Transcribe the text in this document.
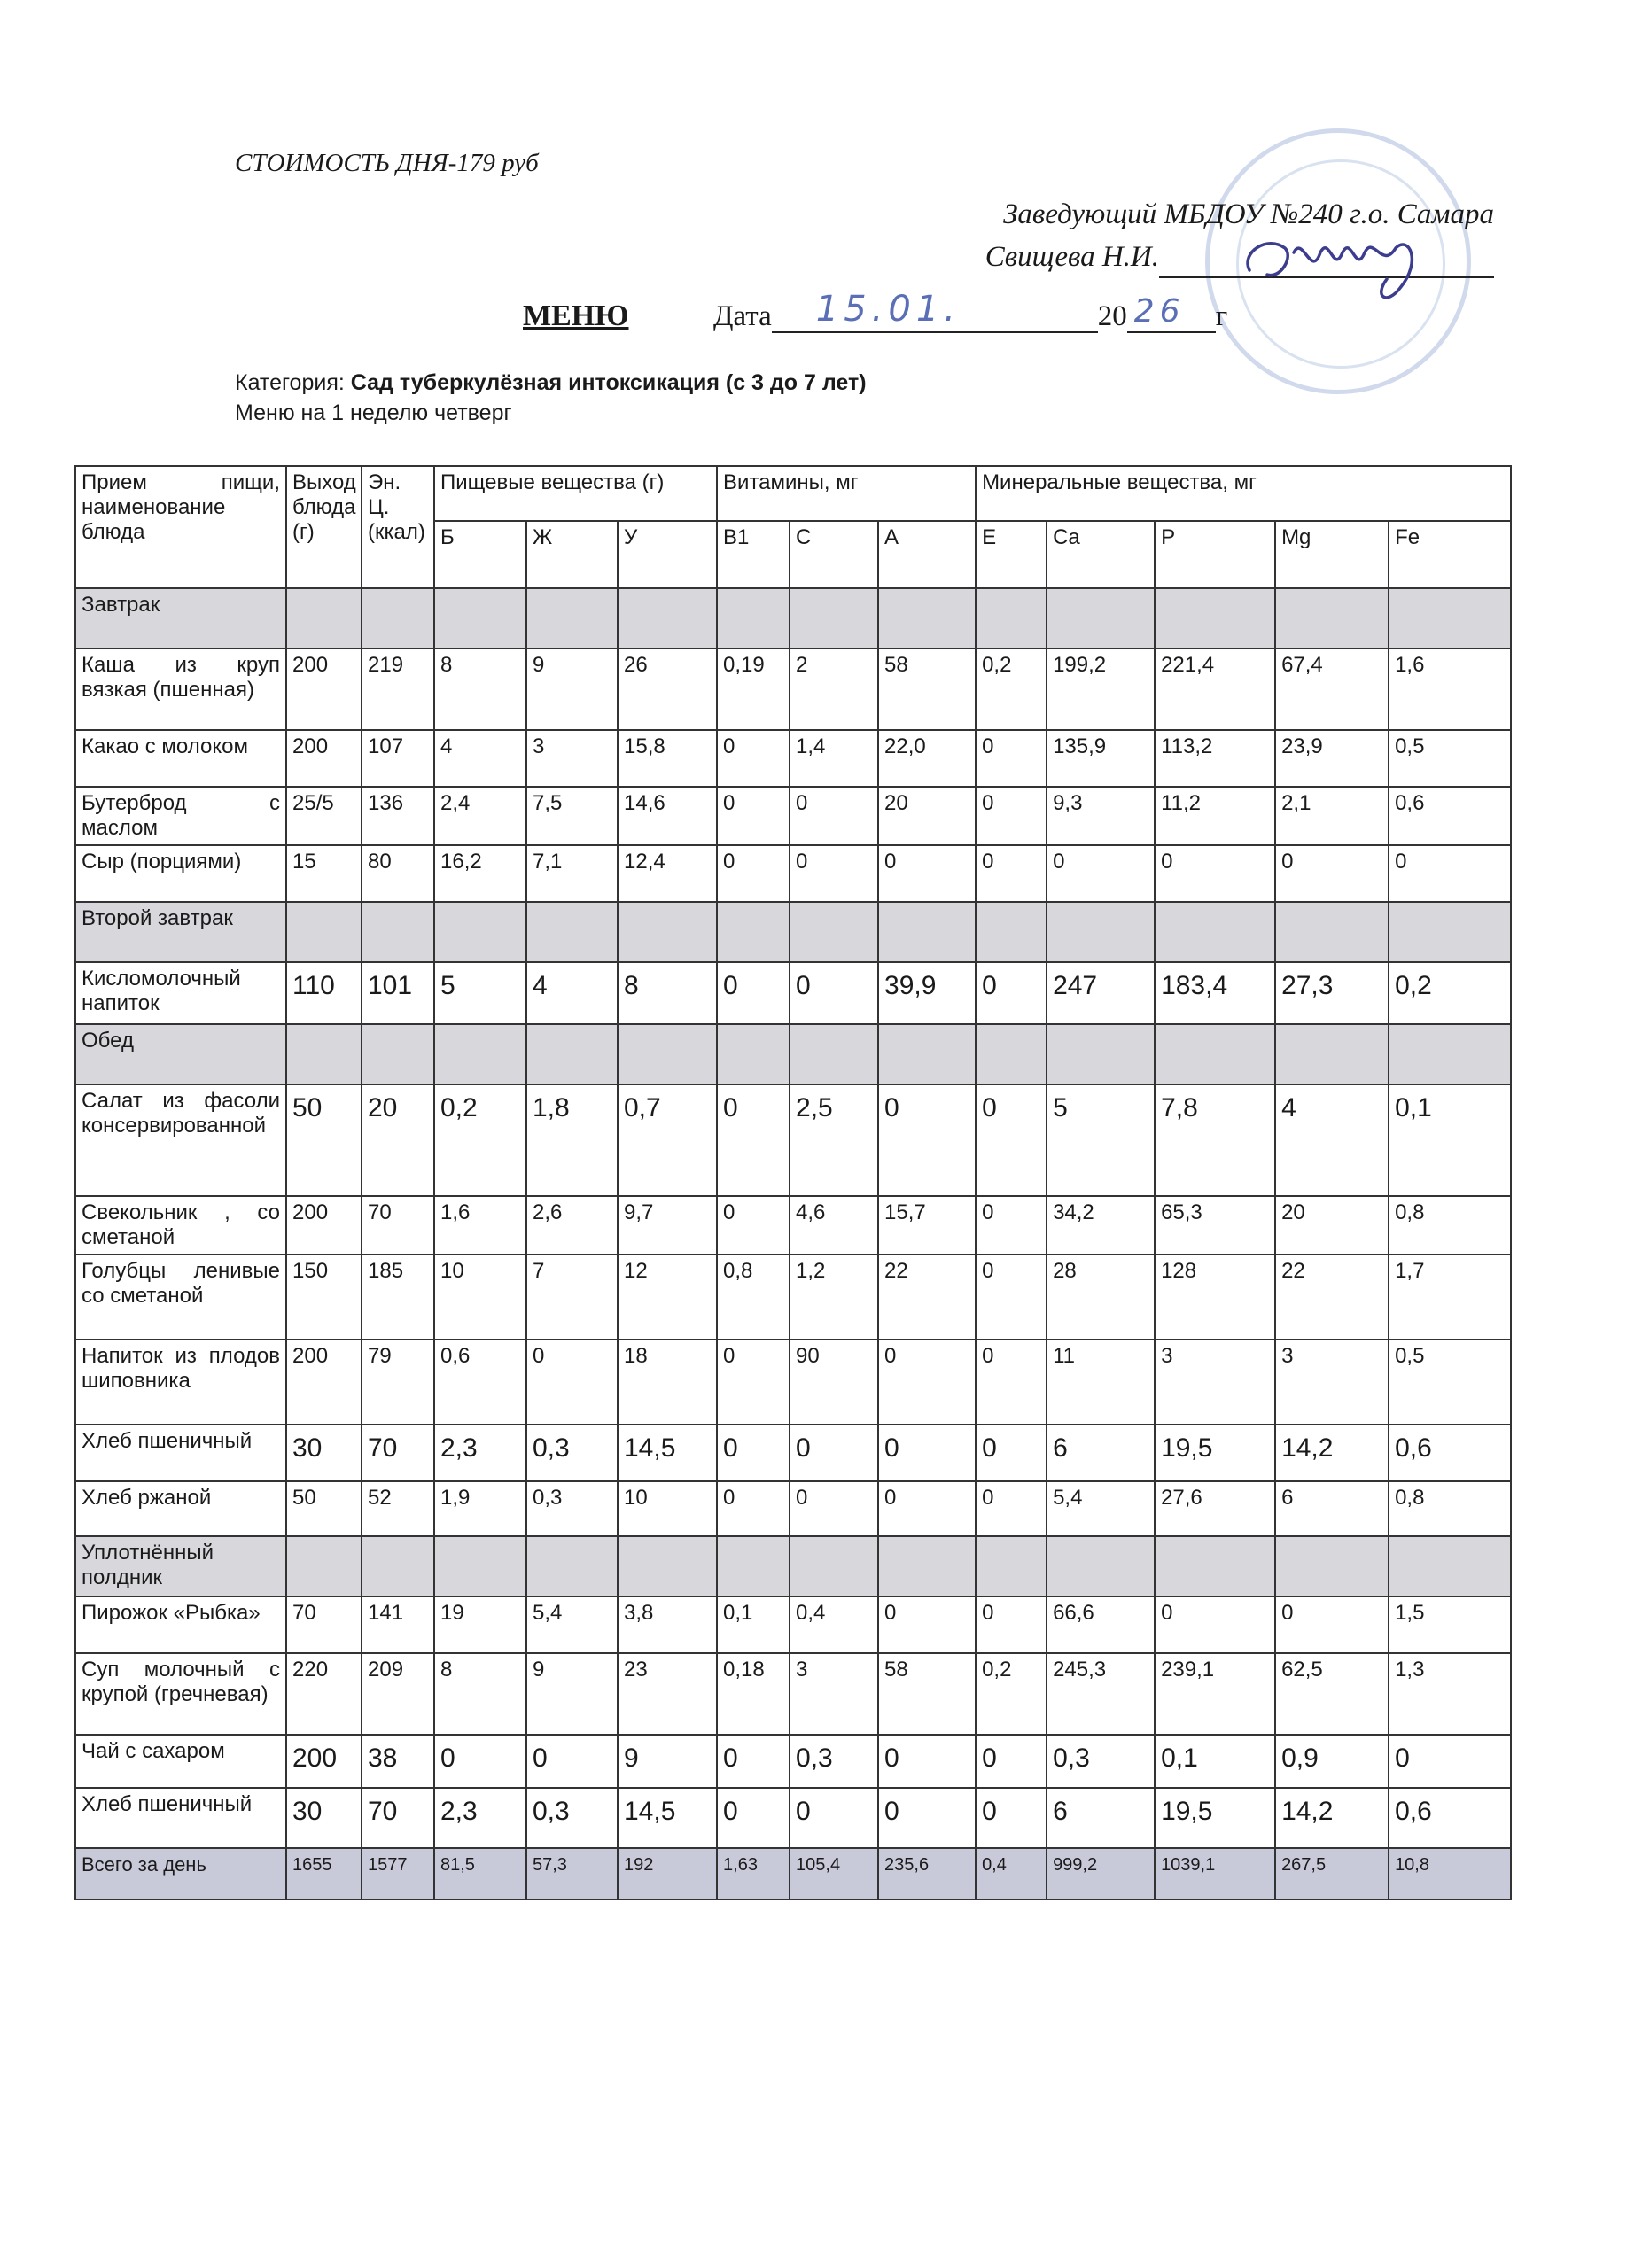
СТОИМОСТЬ ДНЯ-179 руб
Заведующий МБДОУ №240 г.о. Самара
Свищева Н.И.
МЕНЮ	Дата 15.01.	20 26 г
Категория: Сад туберкулёзная интоксикация (с 3 до 7 лет)
Меню на 1 неделю четверг
Прием пищи, наименование блюда	Выход блюда (г)	Эн. Ц.(ккал)	Пищевые вещества (г)			Витамины, мг			Минеральные вещества, мг				
			Б	Ж	У	B1	C	A	E	Ca	P	Mg	Fe
Завтрак													
Каша из круп вязкая (пшенная)	200	219	8	9	26	0,19	2	58	0,2	199,2	221,4	67,4	1,6
Какао с молоком	200	107	4	3	15,8	0	1,4	22,0	0	135,9	113,2	23,9	0,5
Бутерброд с маслом	25/5	136	2,4	7,5	14,6	0	0	20	0	9,3	11,2	2,1	0,6
Сыр (порциями)	15	80	16,2	7,1	12,4	0	0	0	0	0	0	0	0
Второй завтрак													
Кисломолочный напиток	110	101	5	4	8	0	0	39,9	0	247	183,4	27,3	0,2
Обед													
Салат из фасоли консервированной	50	20	0,2	1,8	0,7	0	2,5	0	0	5	7,8	4	0,1
Свекольник , со сметаной	200	70	1,6	2,6	9,7	0	4,6	15,7	0	34,2	65,3	20	0,8
Голубцы ленивые со сметаной	150	185	10	7	12	0,8	1,2	22	0	28	128	22	1,7
Напиток из плодов шиповника	200	79	0,6	0	18	0	90	0	0	11	3	3	0,5
Хлеб пшеничный	30	70	2,3	0,3	14,5	0	0	0	0	6	19,5	14,2	0,6
Хлеб ржаной	50	52	1,9	0,3	10	0	0	0	0	5,4	27,6	6	0,8
Уплотнённый полдник													
Пирожок «Рыбка»	70	141	19	5,4	3,8	0,1	0,4	0	0	66,6	0	0	1,5
Суп молочный с крупой (гречневая)	220	209	8	9	23	0,18	3	58	0,2	245,3	239,1	62,5	1,3
Чай с сахаром	200	38	0	0	9	0	0,3	0	0	0,3	0,1	0,9	0
Хлеб пшеничный	30	70	2,3	0,3	14,5	0	0	0	0	6	19,5	14,2	0,6
Всего за день	1655	1577	81,5	57,3	192	1,63	105,4	235,6	0,4	999,2	1039,1	267,5	10,8
